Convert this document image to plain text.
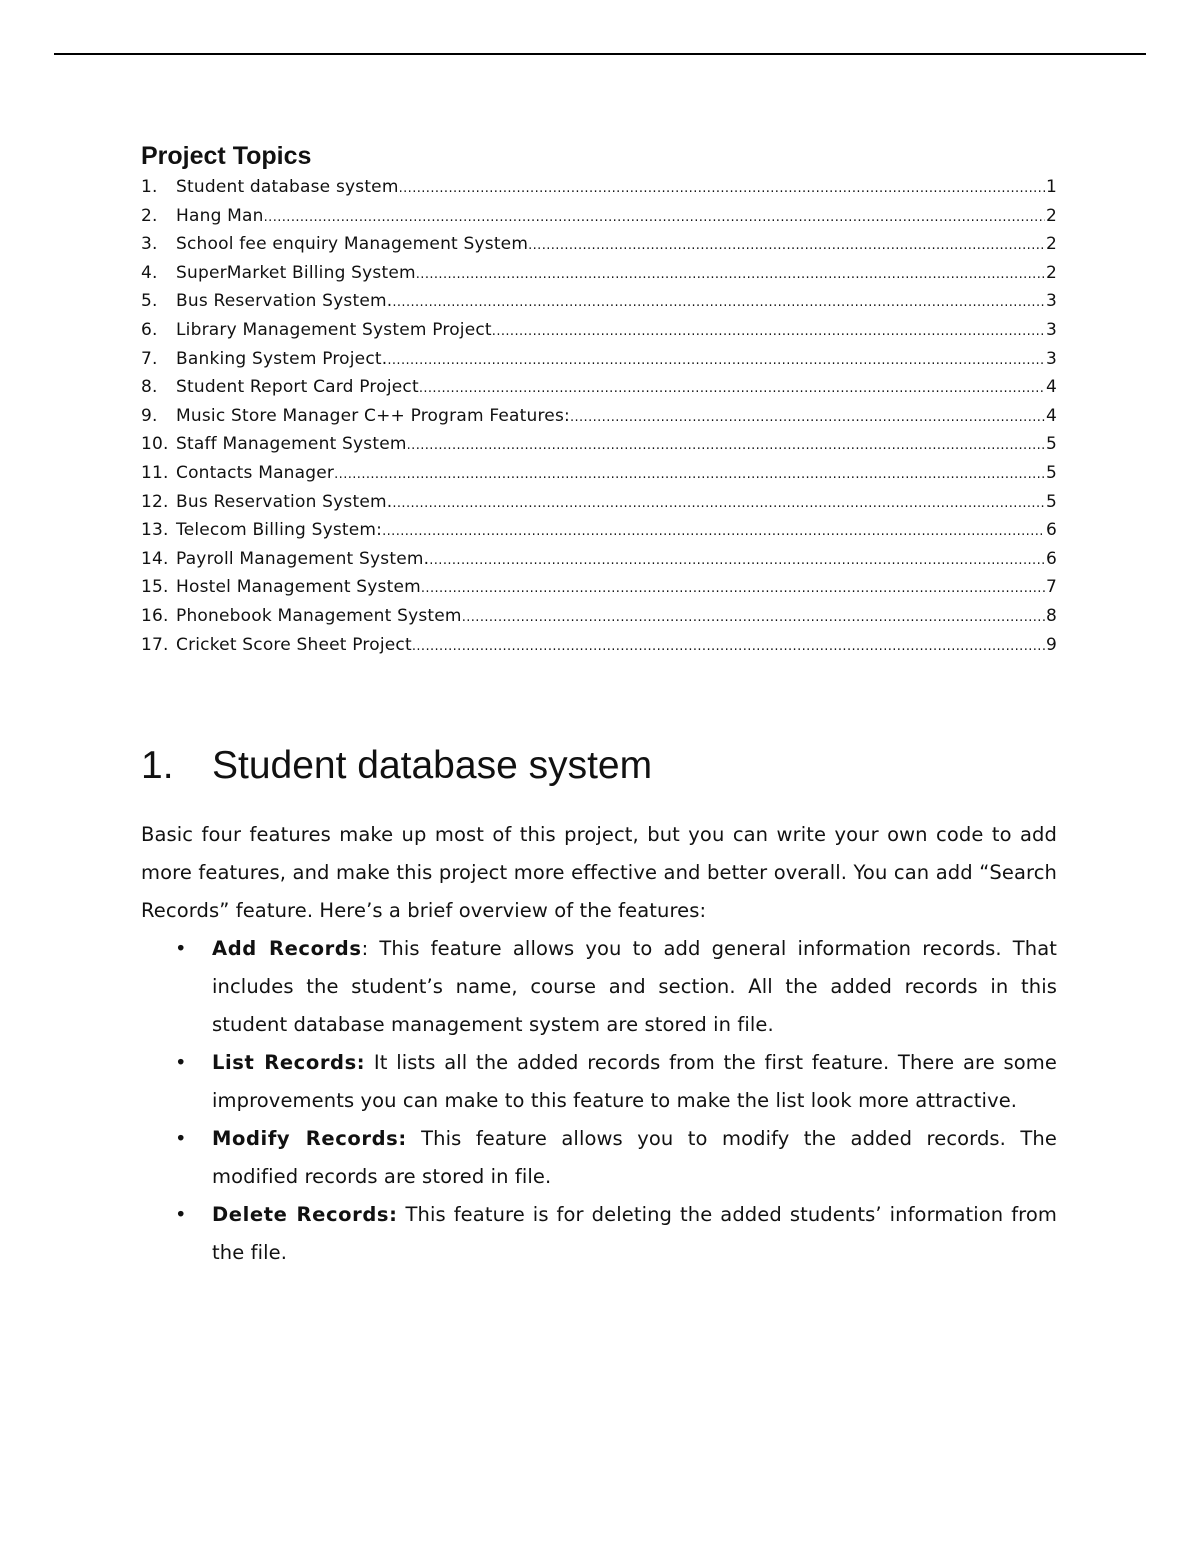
Project Topics
1.	Student database system .....	1
2.	Hang Man .....	2
3.	School fee enquiry Management System .....	2
4.	SuperMarket Billing System .....	2
5.	Bus Reservation System. .....	3
6.	Library Management System Project .....	3
7.	Banking System Project. .....	3
8.	Student Report Card Project .....	4
9.	Music Store Manager C++ Program Features: .....	4
10. Staff Management System .....	5
11. Contacts Manager .....	5
12. Bus Reservation System. .....	5
13. Telecom Billing System: .....	6
14. Payroll Management System. .....	6
15. Hostel Management System .....	7
16. Phonebook Management System .....	8
17. Cricket Score Sheet Project .....	9
1. Student database system

Basic four features make up most of this project, but you can write your own code to add more features, and make this project more effective and better overall. You can add “Search Records” feature. Here’s a brief overview of the features:

• Add Records: This feature allows you to add general information records. That includes the student’s name, course and section. All the added records in this student database management system are stored in file.
• List Records: It lists all the added records from the first feature. There are some improvements you can make to this feature to make the list look more attractive.
• Modify Records: This feature allows you to modify the added records. The modified records are stored in file.
• Delete Records: This feature is for deleting the added students’ information from the file.
